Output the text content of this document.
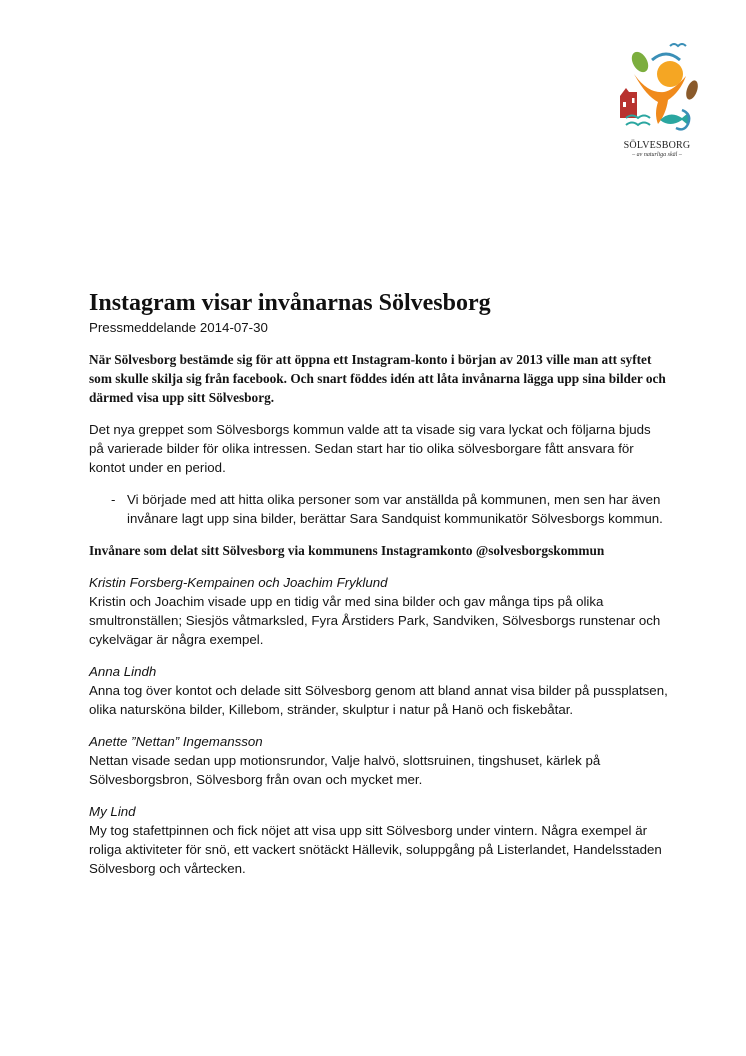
SÖLVESBORG
– av naturliga skäl –
Instagram visar invånarnas Sölvesborg
Pressmeddelande 2014-07-30

När Sölvesborg bestämde sig för att öppna ett Instagram-konto i början av 2013 ville man att syftet som skulle skilja sig från facebook. Och snart föddes idén att låta invånarna lägga upp sina bilder och därmed visa upp sitt Sölvesborg.

Det nya greppet som Sölvesborgs kommun valde att ta visade sig vara lyckat och följarna bjuds på varierade bilder för olika intressen. Sedan start har tio olika sölvesborgare fått ansvara för kontot under en period.

- Vi började med att hitta olika personer som var anställda på kommunen, men sen har även invånare lagt upp sina bilder, berättar Sara Sandquist kommunikatör Sölvesborgs kommun.
Invånare som delat sitt Sölvesborg via kommunens Instagramkonto @solvesborgskommun
Kristin Forsberg-Kempainen och Joachim Fryklund
Kristin och Joachim visade upp en tidig vår med sina bilder och gav många tips på olika smultronställen; Siesjös våtmarksled, Fyra Årstiders Park, Sandviken, Sölvesborgs runstenar och cykelvägar är några exempel.
Anna Lindh
Anna tog över kontot och delade sitt Sölvesborg genom att bland annat visa bilder på pussplatsen, olika natursköna bilder, Killebom, stränder, skulptur i natur på Hanö och fiskebåtar.
Anette ”Nettan” Ingemansson
Nettan visade sedan upp motionsrundor, Valje halvö, slottsruinen, tingshuset, kärlek på Sölvesborgsbron, Sölvesborg från ovan och mycket mer.
My Lind
My tog stafettpinnen och fick nöjet att visa upp sitt Sölvesborg under vintern. Några exempel är roliga aktiviteter för snö, ett vackert snötäckt Hällevik, soluppgång på Listerlandet, Handelsstaden Sölvesborg och vårtecken.
